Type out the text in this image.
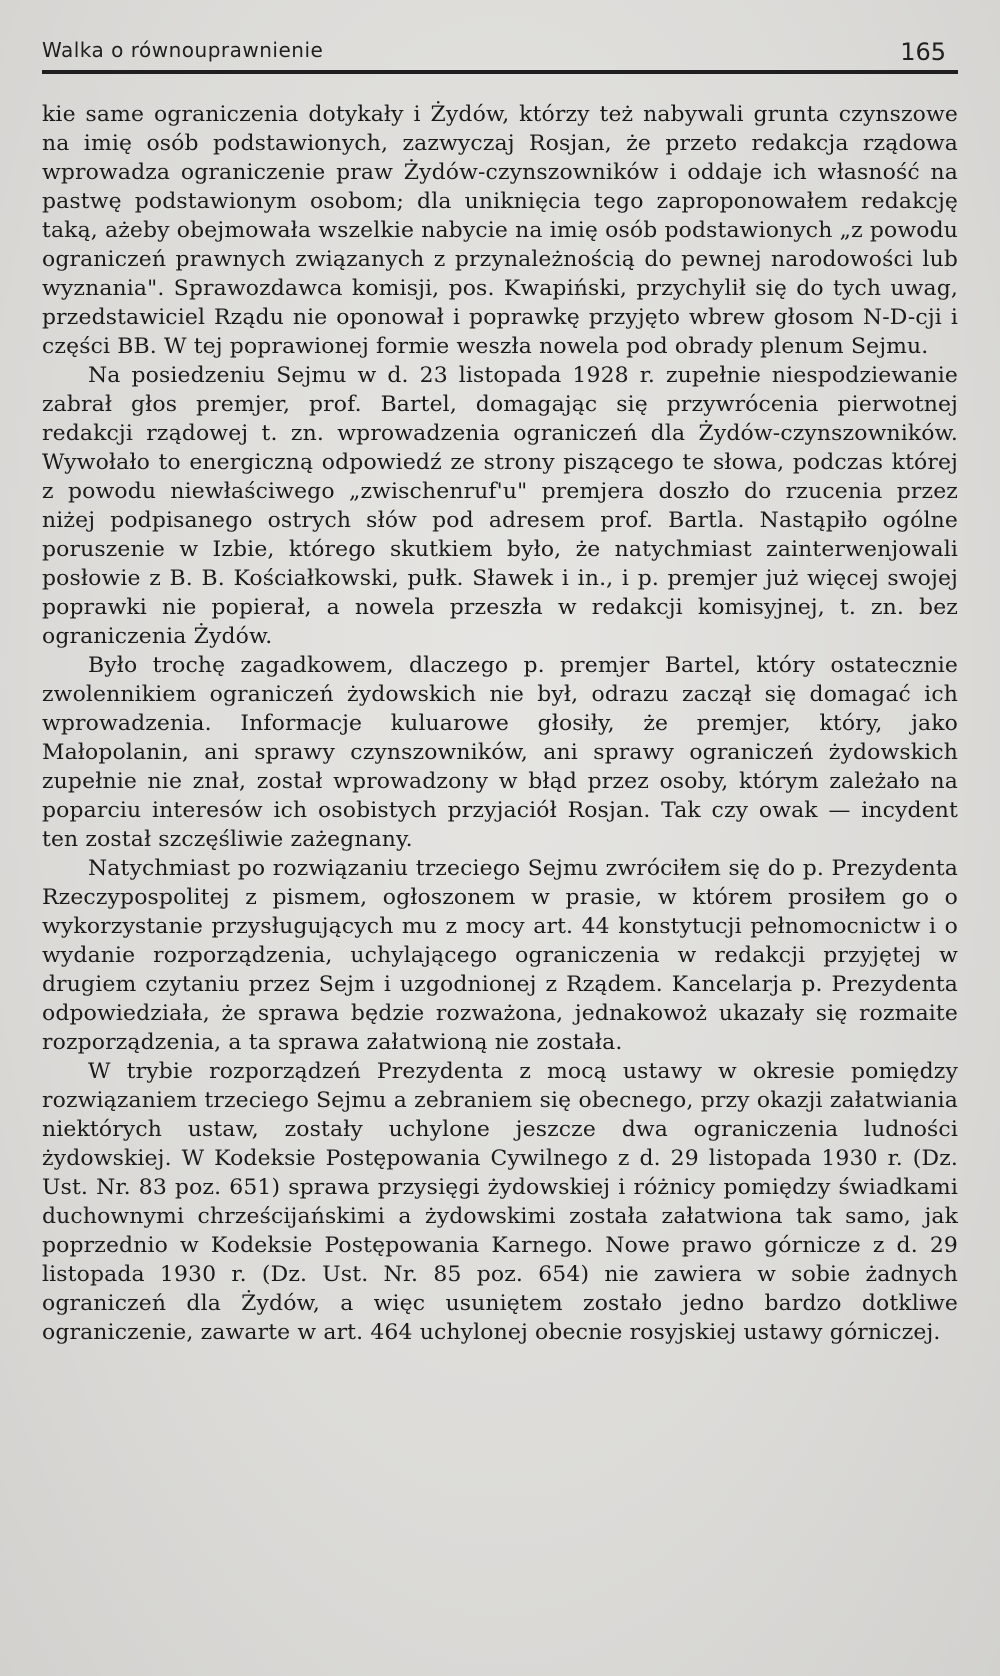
Walka o równouprawnienie	165

kie same ograniczenia dotykały i Żydów, którzy też nabywali grunta czynszowe na imię osób podstawionych, zazwyczaj Rosjan, że przeto redakcja rządowa wprowadza ograniczenie praw Żydów-czynszowników i oddaje ich własność na pastwę podstawionym osobom; dla uniknięcia tego zaproponowałem redakcję taką, ażeby obejmowała wszelkie nabycie na imię osób podstawionych „z powodu ograniczeń prawnych związanych z przynależnością do pewnej narodowości lub wyznania". Sprawozdawca komisji, pos. Kwapiński, przychylił się do tych uwag, przedstawiciel Rządu nie oponował i poprawkę przyjęto wbrew głosom N-D-cji i części BB. W tej poprawionej formie weszła nowela pod obrady plenum Sejmu.

Na posiedzeniu Sejmu w d. 23 listopada 1928 r. zupełnie niespodziewanie zabrał głos premjer, prof. Bartel, domagając się przywrócenia pierwotnej redakcji rządowej t. zn. wprowadzenia ograniczeń dla Żydów-czynszowników. Wywołało to energiczną odpowiedź ze strony piszącego te słowa, podczas której z powodu niewłaściwego „zwischenruf'u" premjera doszło do rzucenia przez niżej podpisanego ostrych słów pod adresem prof. Bartla. Nastąpiło ogólne poruszenie w Izbie, którego skutkiem było, że natychmiast zainterwenjowali posłowie z B. B. Kościałkowski, pułk. Sławek i in., i p. premjer już więcej swojej poprawki nie popierał, a nowela przeszła w redakcji komisyjnej, t. zn. bez ograniczenia Żydów.

Było trochę zagadkowem, dlaczego p. premjer Bartel, który ostatecznie zwolennikiem ograniczeń żydowskich nie był, odrazu zaczął się domagać ich wprowadzenia. Informacje kuluarowe głosiły, że premjer, który, jako Małopolanin, ani sprawy czynszowników, ani sprawy ograniczeń żydowskich zupełnie nie znał, został wprowadzony w błąd przez osoby, którym zależało na poparciu interesów ich osobistych przyjaciół Rosjan. Tak czy owak — incydent ten został szczęśliwie zażegnany.

Natychmiast po rozwiązaniu trzeciego Sejmu zwróciłem się do p. Prezydenta Rzeczypospolitej z pismem, ogłoszonem w prasie, w którem prosiłem go o wykorzystanie przysługujących mu z mocy art. 44 konstytucji pełnomocnictw i o wydanie rozporządzenia, uchylającego ograniczenia w redakcji przyjętej w drugiem czytaniu przez Sejm i uzgodnionej z Rządem. Kancelarja p. Prezydenta odpowiedziała, że sprawa będzie rozważona, jednakowoż ukazały się rozmaite rozporządzenia, a ta sprawa załatwioną nie została.

W trybie rozporządzeń Prezydenta z mocą ustawy w okresie pomiędzy rozwiązaniem trzeciego Sejmu a zebraniem się obecnego, przy okazji załatwiania niektórych ustaw, zostały uchylone jeszcze dwa ograniczenia ludności żydowskiej. W Kodeksie Postępowania Cywilnego z d. 29 listopada 1930 r. (Dz. Ust. Nr. 83 poz. 651) sprawa przysięgi żydowskiej i różnicy pomiędzy świadkami duchownymi chrześcijańskimi a żydowskimi została załatwiona tak samo, jak poprzednio w Kodeksie Postępowania Karnego. Nowe prawo górnicze z d. 29 listopada 1930 r. (Dz. Ust. Nr. 85 poz. 654) nie zawiera w sobie żadnych ograniczeń dla Żydów, a więc usuniętem zostało jedno bardzo dotkliwe ograniczenie, zawarte w art. 464 uchylonej obecnie rosyjskiej ustawy górniczej.
